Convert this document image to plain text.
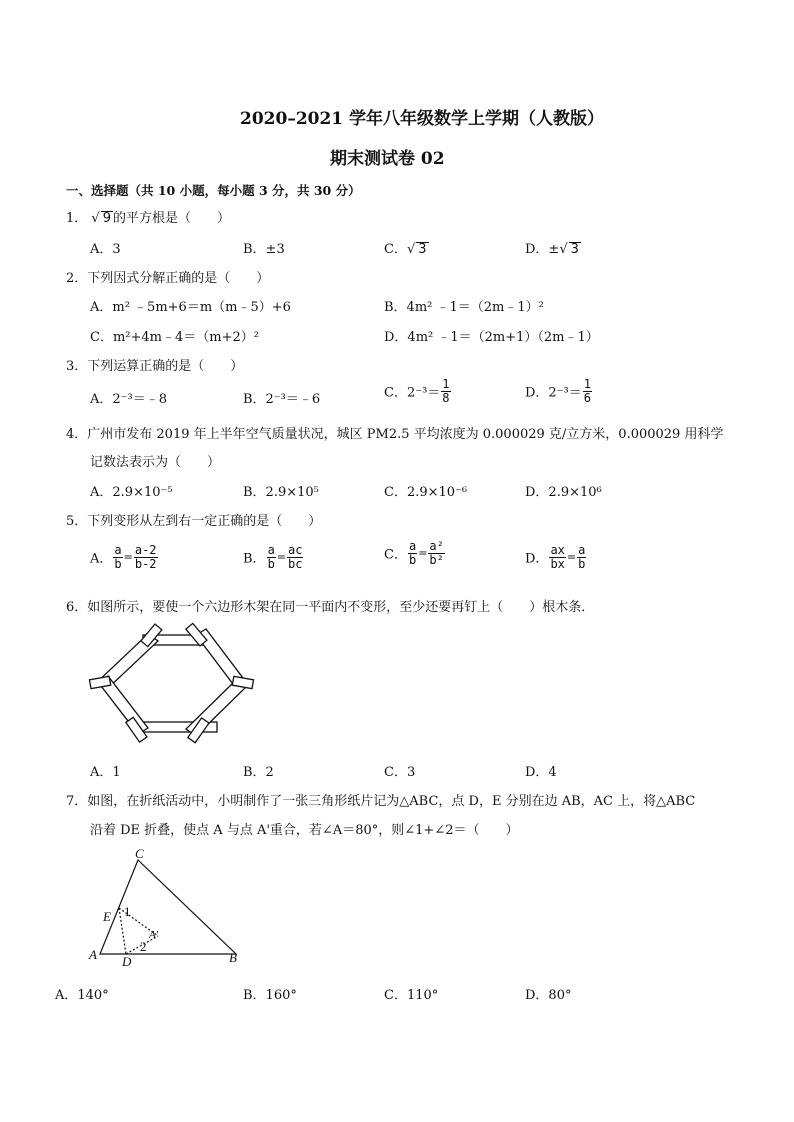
2020–2021 学年八年级数学上学期（人教版）
期末测试卷 02
一、选择题（共 10 小题，每小题 3 分，共 30 分）
1． √ 9 的平方根是（　　）
A．3	B．±3	C．√ 3	D．±√ 3
2．下列因式分解正确的是（　　）
A．m² ﹣5m+6＝m（m﹣5）+6	B．4m² ﹣1＝（2m﹣1）²
C．m²+4m﹣4＝（m+2）²	D．4m² ﹣1＝（2m+1）（2m﹣1）
3．下列运算正确的是（　　）
A．2⁻³＝﹣8	B．2⁻³＝﹣6	C．$2^{-3}= \frac{1}{8}$	D．$2^{-3}= \frac{1}{6}$
4．广州市发布 2019 年上半年空气质量状况，城区 PM2.5 平均浓度为 0.000029 克/立方米，0.000029 用科学
记数法表示为（　　）
A．2.9×10⁻⁵	B．2.9×10⁵	C．2.9×10⁻⁶	D．2.9×10⁶
5．下列变形从左到右一定正确的是（　　）
A． $\frac{a}{b} = \frac{a-2}{b-2}$	B． $\frac{a}{b} = \frac{ac}{bc}$	C． $\frac{a}{b} = \frac{\text{a²}}{\text{b²}}$	D． $\frac{ax}{bx} = \frac{a}{b}$
6．如图所示，要使一个六边形木架在同一平面内不变形，至少还要再钉上（　　）根木条．
A．1	B．2	C．3	D．4
7．如图，在折纸活动中，小明制作了一张三角形纸片记为△ABC，点 D，E 分别在边 AB，AC 上，将△ABC
沿着 DE 折叠，使点 A 与点 A'重合，若∠A＝80°，则∠1+∠2＝（　　）
C
E 1
A'
2
A D	B
A．140°	B．160°	C．110°	D．80°
